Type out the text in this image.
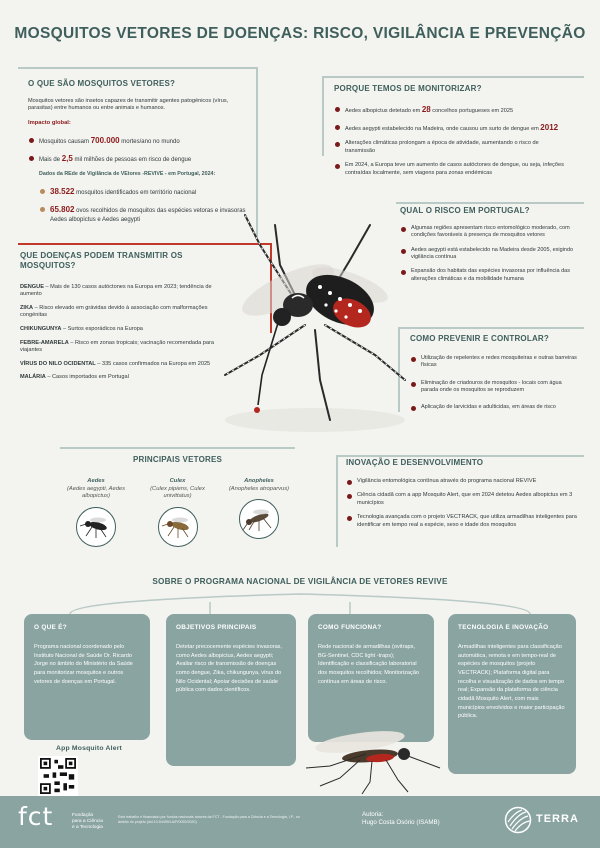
MOSQUITOS VETORES DE DOENÇAS: RISCO, VIGILÂNCIA E PREVENÇÃO
O QUE SÃO MOSQUITOS VETORES?
Mosquitos vetores são insetos capazes de transmitir agentes patogénicos (vírus, parasitas) entre humanos ou entre animais e humanos.
Impacto global:
Mosquitos causam 700.000 mortes/ano no mundo
Mais de 2,5 mil milhões de pessoas em risco de dengue
Dados da REde de Vigilância de VEtores -REVIVE - em Portugal, 2024:
38.522 mosquitos identificados em território nacional
65.802 ovos recolhidos de mosquitos das espécies vetoras e invasoras Aedes albopictus e Aedes aegypti
PORQUE TEMOS DE MONITORIZAR?
Aedes albopictus detetado em 28 concelhos portugueses em 2025
Aedes aegypti estabelecido na Madeira, onde causou um surto de dengue em 2012
Alterações climáticas prolongam a época de atividade, aumentando o risco de transmissão
Em 2024, a Europa teve um aumento de casos autóctones de dengue, ou seja, infeções contraídas localmente, sem viagens para zonas endémicas
QUAL O RISCO EM PORTUGAL?
Algumas regiões apresentam risco entomológico moderado, com condições favoráveis à presença de mosquitos vetores
Aedes aegypti está estabelecido na Madeira desde 2005, exigindo vigilância contínua
Expansão dos habitats das espécies invasoras por influência das alterações climáticas e da mobilidade humana
QUE DOENÇAS PODEM TRANSMITIR OS MOSQUITOS?
DENGUE – Mais de 130 casos autóctones na Europa em 2023; tendência de aumento
ZIKA – Risco elevado em grávidas devido à associação com malformações congénitas
CHIKUNGUNYA – Surtos esporádicos na Europa
FEBRE-AMARELA – Risco em zonas tropicais; vacinação recomendada para viajantes
VÍRUS DO NILO OCIDENTAL – 335 casos confirmados na Europa em 2025
MALÁRIA – Casos importados em Portugal
COMO PREVENIR E CONTROLAR?
Utilização de repelentes e redes mosquiteiras e outras barreiras físicas
Eliminação de criadouros de mosquitos - locais com água parada onde os mosquitos se reproduzem
Aplicação de larvicidas e adulticidas, em áreas de risco
PRINCIPAIS VETORES
Aedes
(Aedes aegypti, Aedes albopictus)
Culex
(Culex pipiens, Culex univittatus)
Anopheles
(Anopheles atroparvus)
INOVAÇÃO E DESENVOLVIMENTO
Vigilância entomológica contínua através do programa nacional REVIVE
Ciência cidadã com a app Mosquito Alert, que em 2024 detetou Aedes albopictus em 3 municípios
Tecnologia avançada com o projeto VECTRACK, que utiliza armadilhas inteligentes para identificar em tempo real a espécie, sexo e idade dos mosquitos
SOBRE O PROGRAMA NACIONAL DE VIGILÂNCIA DE VETORES REVIVE
O QUE É?
Programa nacional coordenado pelo Instituto Nacional de Saúde Dr. Ricardo Jorge no âmbito do Ministério da Saúde para monitorizar mosquitos e outros vetores de doenças em Portugal.
OBJETIVOS PRINCIPAIS
Detetar precocemente espécies invasoras, como Aedes albopictus, Aedes aegypti; Avaliar risco de transmissão de doenças como dengue, Zika, chikungunya, vírus do Nilo Ocidental; Apoiar decisões de saúde pública com dados científicos.
COMO FUNCIONA?
Rede nacional de armadilhas (ovitraps, BG-Sentinel, CDC light -traps); Identificação e classificação laboratorial dos mosquitos recolhidos; Monitorização contínua em áreas de risco.
TECNOLOGIA E INOVAÇÃO
Armadilhas inteligentes para classificação automática, remota e em tempo-real de espécies de mosquitos (projeto VECTRACK); Plataforma digital para recolha e visualização de dados em tempo real; Expansão da plataforma de ciência cidadã Mosquito Alert, com mais municípios envolvidos e maior participação pública.
App Mosquito Alert
fct	Fundação
para a Ciência
e a Tecnologia
Este trabalho é financiado por fundos nacionais através da FCT - Fundação para a Ciência e a Tecnologia, I.P., no âmbito do projeto (doi:10.54499/LA/P/0092/2020)
Autoria:
Hugo Costa Osório (ISAMB)	TERRA
